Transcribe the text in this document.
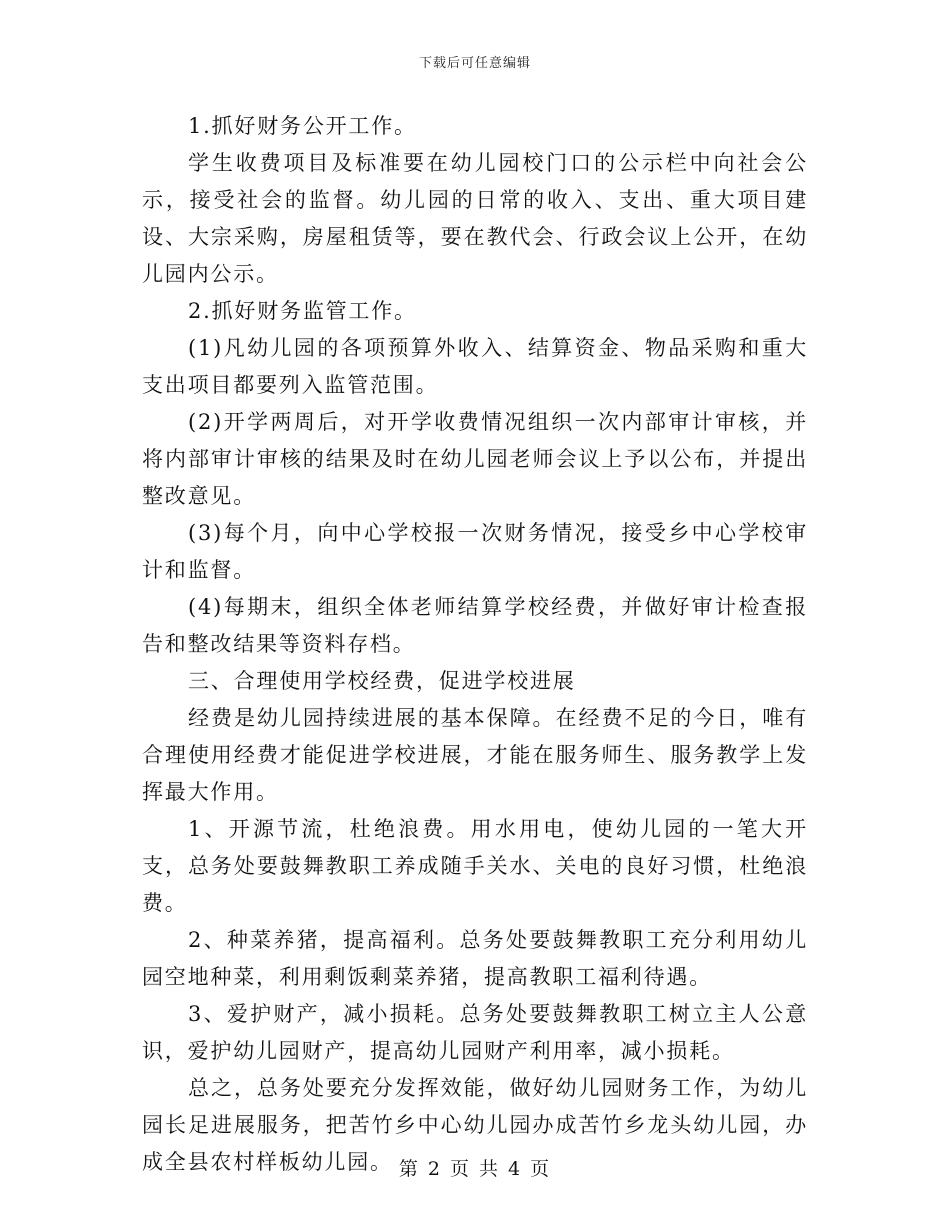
下载后可任意编辑

1.抓好财务公开工作。

学生收费项目及标准要在幼儿园校门口的公示栏中向社会公示，接受社会的监督。幼儿园的日常的收入、支出、重大项目建设、大宗采购，房屋租赁等，要在教代会、行政会议上公开，在幼儿园内公示。

2.抓好财务监管工作。

(1)凡幼儿园的各项预算外收入、结算资金、物品采购和重大支出项目都要列入监管范围。

(2)开学两周后，对开学收费情况组织一次内部审计审核，并将内部审计审核的结果及时在幼儿园老师会议上予以公布，并提出整改意见。

(3)每个月，向中心学校报一次财务情况，接受乡中心学校审计和监督。

(4)每期末，组织全体老师结算学校经费，并做好审计检查报告和整改结果等资料存档。

三、合理使用学校经费，促进学校进展

经费是幼儿园持续进展的基本保障。在经费不足的今日，唯有合理使用经费才能促进学校进展，才能在服务师生、服务教学上发挥最大作用。

1、开源节流，杜绝浪费。用水用电，使幼儿园的一笔大开支，总务处要鼓舞教职工养成随手关水、关电的良好习惯，杜绝浪费。

2、种菜养猪，提高福利。总务处要鼓舞教职工充分利用幼儿园空地种菜，利用剩饭剩菜养猪，提高教职工福利待遇。

3、爱护财产，减小损耗。总务处要鼓舞教职工树立主人公意识，爱护幼儿园财产，提高幼儿园财产利用率，减小损耗。

总之，总务处要充分发挥效能，做好幼儿园财务工作，为幼儿园长足进展服务，把苦竹乡中心幼儿园办成苦竹乡龙头幼儿园，办成全县农村样板幼儿园。 第 2 页 共 4 页
